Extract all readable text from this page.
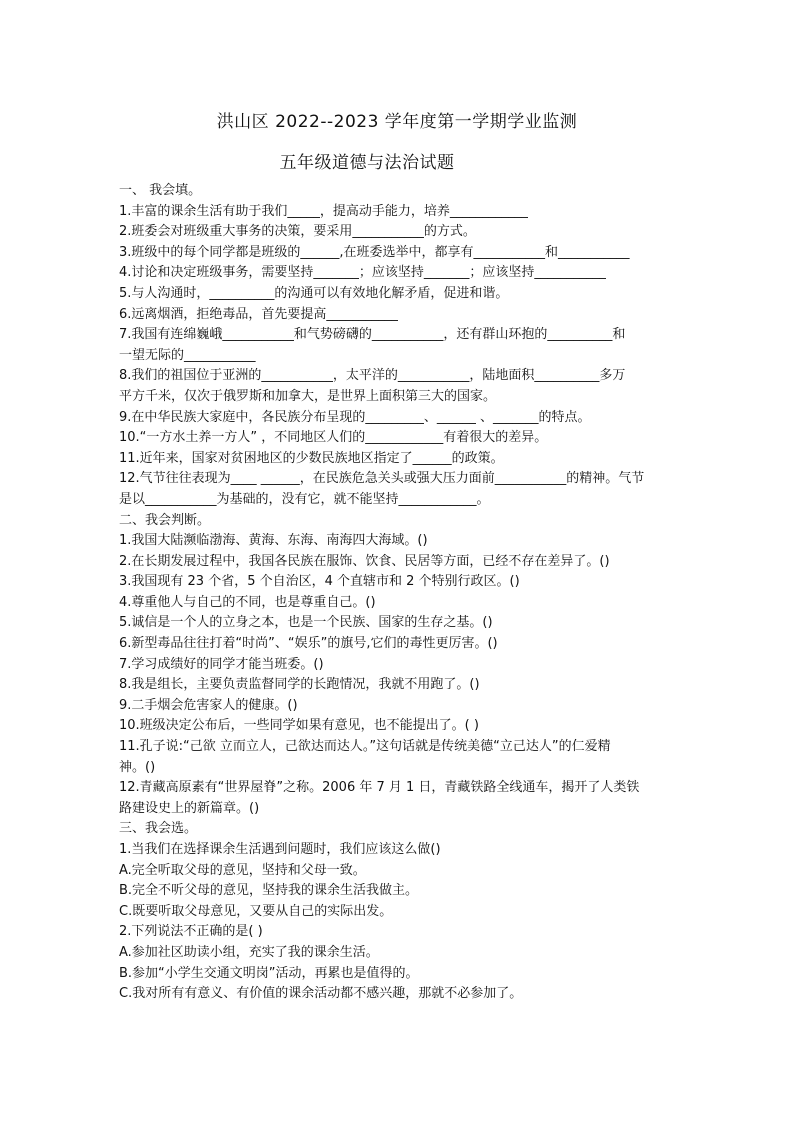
洪山区 2022--2023 学年度第一学期学业监测
五年级道德与法治试题
一、 我会填。
1.丰富的课余生活有助于我们_____，提高动手能力，培养____________
2.班委会对班级重大事务的决策，要采用___________的方式。
3.班级中的每个同学都是班级的______,在班委选举中，都享有___________和___________
4.讨论和决定班级事务，需要坚持_______；应该坚持_______；应该坚持___________
5.与人沟通时，__________的沟通可以有效地化解矛盾，促进和谐。
6.远离烟酒，拒绝毒品，首先要提高___________
7.我国有连绵巍峨___________和气势磅礴的___________，还有群山环抱的__________和
一望无际的___________
8.我们的祖国位于亚洲的___________，太平洋的___________，陆地面积__________多万
平方千米，仅次于俄罗斯和加拿大，是世界上面积第三大的国家。
9.在中华民族大家庭中，各民族分布呈现的_________、______ 、_______的特点。
10.“一方水土养一方人” ，不同地区人们的____________有着很大的差异。
11.近年来，国家对贫困地区的少数民族地区指定了______的政策。
12.气节往往表现为____ ______，在民族危急关头或强大压力面前___________的精神。气节
是以___________为基础的，没有它，就不能坚持____________。
二、我会判断。
1.我国大陆濒临渤海、黄海、东海、南海四大海域。()
2.在长期发展过程中，我国各民族在服饰、饮食、民居等方面，已经不存在差异了。()
3.我国现有 23 个省，5 个自治区，4 个直辖市和 2 个特别行政区。()
4.尊重他人与自己的不同，也是尊重自己。()
5.诚信是一个人的立身之本，也是一个民族、国家的生存之基。()
6.新型毒品往往打着“时尚”、“娱乐”的旗号,它们的毒性更厉害。()
7.学习成绩好的同学才能当班委。()
8.我是组长，主要负责监督同学的长跑情况，我就不用跑了。()
9.二手烟会危害家人的健康。()
10.班级决定公布后，一些同学如果有意见，也不能提出了。( )
11.孔子说:“己欲 立而立人，己欲达而达人。”这句话就是传统美德“立己达人”的仁爱精
神。()
12.青藏高原素有“世界屋脊”之称。2006 年 7 月 1 日，青藏铁路全线通车，揭开了人类铁
路建设史上的新篇章。()
三、我会选。
1.当我们在选择课余生活遇到问题时，我们应该这么做()
A.完全听取父母的意见，坚持和父母一致。
B.完全不听父母的意见，坚持我的课余生活我做主。
C.既要听取父母意见，又要从自己的实际出发。
2.下列说法不正确的是( )
A.参加社区助读小组，充实了我的课余生活。
B.参加“小学生交通文明岗”活动，再累也是值得的。
C.我对所有有意义、有价值的课余活动都不感兴趣，那就不必参加了。
